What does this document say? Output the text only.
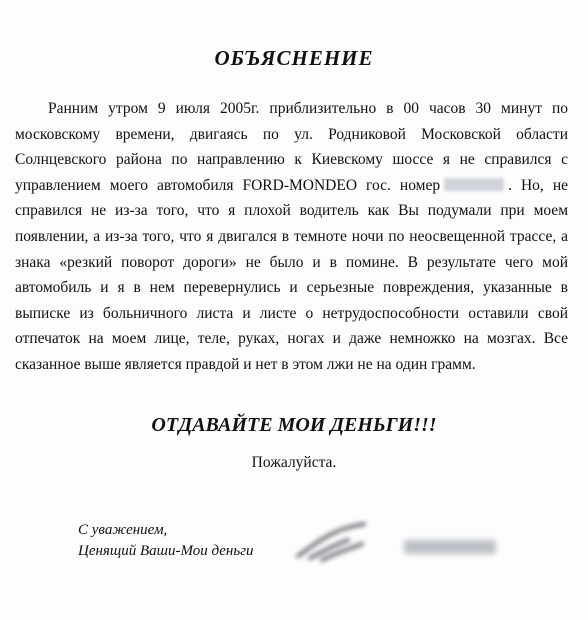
ОБЪЯСНЕНИЕ

Ранним утром 9 июля 2005г. приблизительно в 00 часов 30 минут по московскому времени, двигаясь по ул. Родниковой Московской области Солнцевского района по направлению к Киевскому шоссе я не справился с управлением моего автомобиля FORD-MONDEO гос. номер	. Но, не справился не из-за того, что я плохой водитель как Вы подумали при моем появлении, а из-за того, что я двигался в темноте ночи по неосвещенной трассе, а знака «резкий поворот дороги» не было и в помине. В результате чего мой автомобиль и я в нем перевернулись и серьезные повреждения, указанные в выписке из больничного листа и листе о нетрудоспособности оставили свой отпечаток на моем лице, теле, руках, ногах и даже немножко на мозгах. Все сказанное выше является правдой и нет в этом лжи не на один грамм.

ОТДАВАЙТЕ МОИ ДЕНЬГИ!!!
Пожалуйста.
С уважением,
Ценящий Ваши-Мои деньги
